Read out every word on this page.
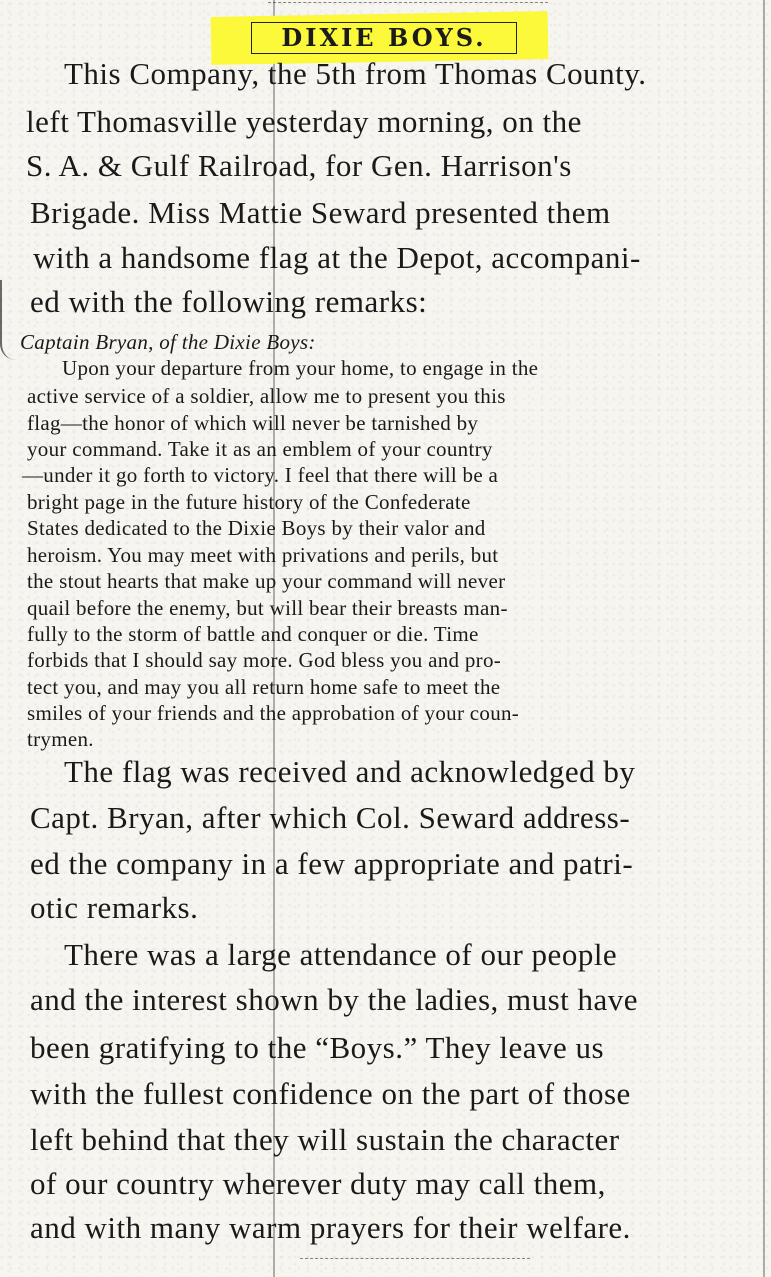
DIXIE BOYS.
This Company, the 5th from Thomas County.
left Thomasville yesterday morning, on the
S. A. & Gulf Railroad, for Gen. Harrison's
Brigade. Miss Mattie Seward presented them
with a handsome flag at the Depot, accompani-
ed with the following remarks:
Captain Bryan, of the Dixie Boys:
Upon your departure from your home, to engage in the
active service of a soldier, allow me to present you this
flag—the honor of which will never be tarnished by
your command. Take it as an emblem of your country
—under it go forth to victory. I feel that there will be a
bright page in the future history of the Confederate
States dedicated to the Dixie Boys by their valor and
heroism. You may meet with privations and perils, but
the stout hearts that make up your command will never
quail before the enemy, but will bear their breasts man-
fully to the storm of battle and conquer or die. Time
forbids that I should say more. God bless you and pro-
tect you, and may you all return home safe to meet the
smiles of your friends and the approbation of your coun-
trymen.
The flag was received and acknowledged by
Capt. Bryan, after which Col. Seward address-
ed the company in a few appropriate and patri-
otic remarks.
There was a large attendance of our people
and the interest shown by the ladies, must have
been gratifying to the “Boys.” They leave us
with the fullest confidence on the part of those
left behind that they will sustain the character
of our country wherever duty may call them,
and with many warm prayers for their welfare.
